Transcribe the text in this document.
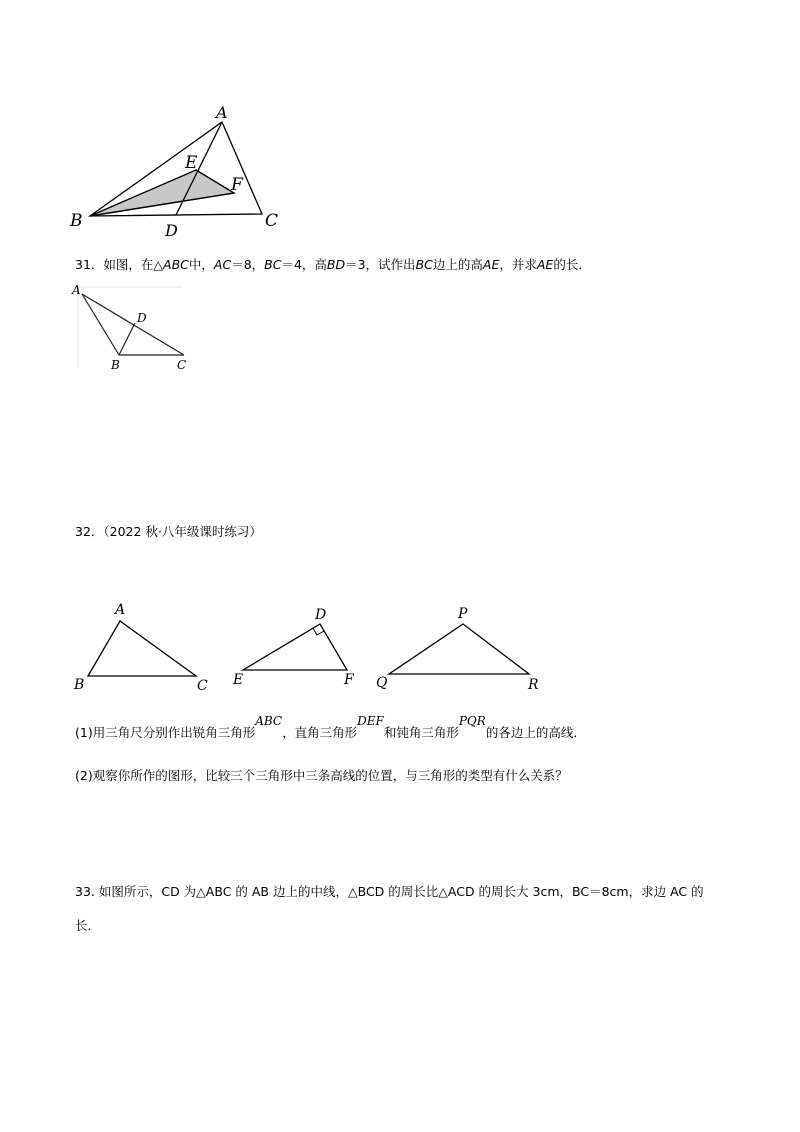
A
B	C
D
E
F
31．如图，在△ABC中，AC＝8，BC＝4，高BD＝3，试作出BC边上的高AE，并求AE的长．
A
B	C
D
32．（2022 秋·八年级课时练习）
A
B	C
D
E	F
P
Q	R
(1)用三角尺分别作出锐角三角形ABC，直角三角形DEF和钝角三角形PQR的各边上的高线．
(2)观察你所作的图形，比较三个三角形中三条高线的位置，与三角形的类型有什么关系？
33. 如图所示，CD 为△ABC 的 AB 边上的中线，△BCD 的周长比△ACD 的周长大 3cm，BC＝8cm，求边 AC 的
长．
